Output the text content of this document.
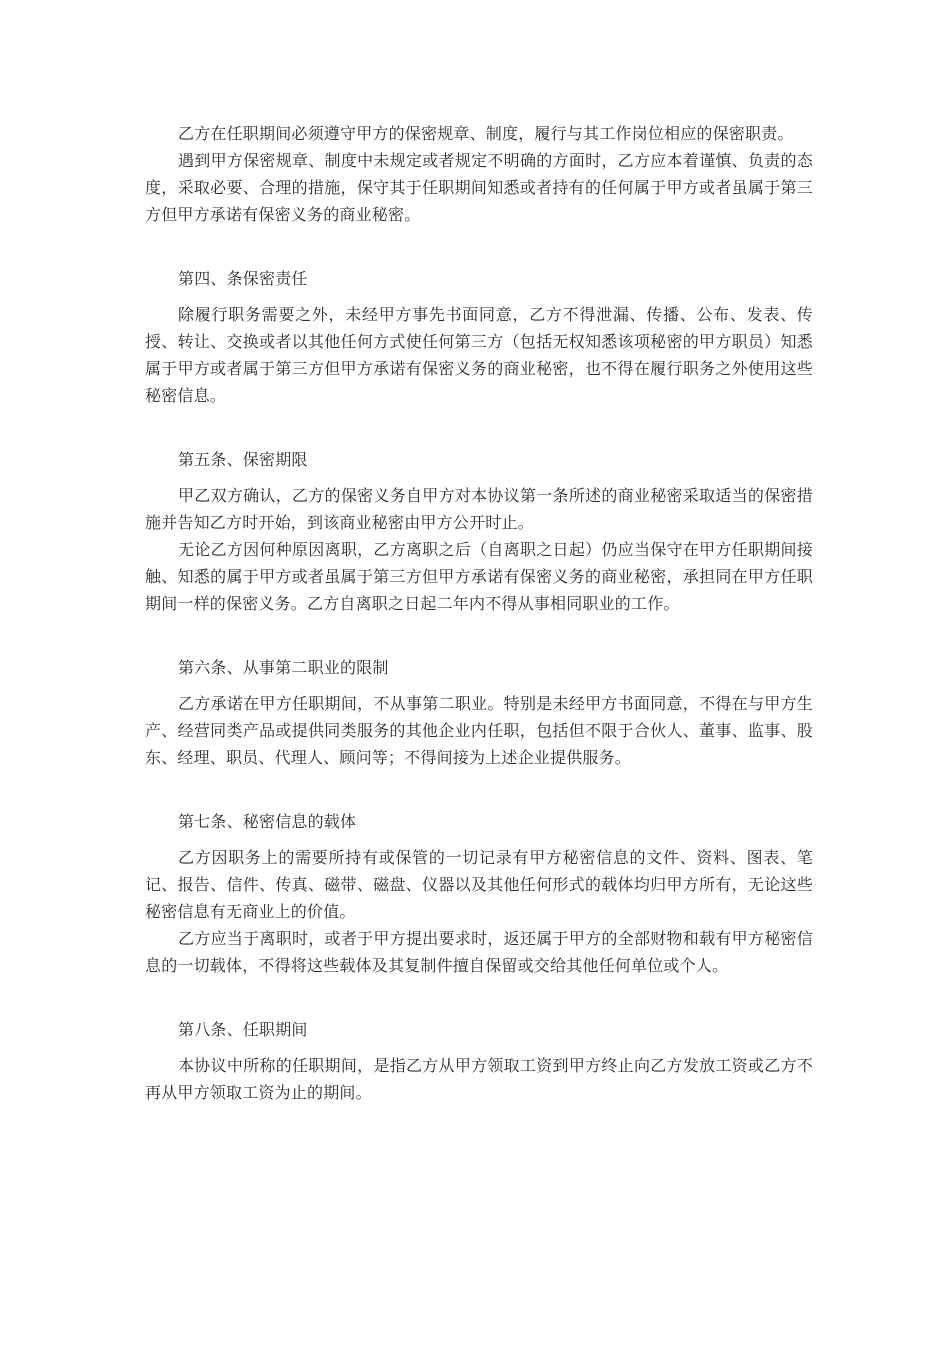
乙方在任职期间必须遵守甲方的保密规章、制度，履行与其工作岗位相应的保密职责。

遇到甲方保密规章、制度中未规定或者规定不明确的方面时，乙方应本着谨慎、负责的态度，采取必要、合理的措施，保守其于任职期间知悉或者持有的任何属于甲方或者虽属于第三方但甲方承诺有保密义务的商业秘密。

第四、条保密责任

除履行职务需要之外，未经甲方事先书面同意，乙方不得泄漏、传播、公布、发表、传授、转让、交换或者以其他任何方式使任何第三方（包括无权知悉该项秘密的甲方职员）知悉属于甲方或者属于第三方但甲方承诺有保密义务的商业秘密，也不得在履行职务之外使用这些秘密信息。

第五条、保密期限

甲乙双方确认，乙方的保密义务自甲方对本协议第一条所述的商业秘密采取适当的保密措施并告知乙方时开始，到该商业秘密由甲方公开时止。

无论乙方因何种原因离职，乙方离职之后（自离职之日起）仍应当保守在甲方任职期间接触、知悉的属于甲方或者虽属于第三方但甲方承诺有保密义务的商业秘密，承担同在甲方任职期间一样的保密义务。乙方自离职之日起二年内不得从事相同职业的工作。

第六条、从事第二职业的限制

乙方承诺在甲方任职期间，不从事第二职业。特别是未经甲方书面同意，不得在与甲方生产、经营同类产品或提供同类服务的其他企业内任职，包括但不限于合伙人、董事、监事、股东、经理、职员、代理人、顾问等；不得间接为上述企业提供服务。

第七条、秘密信息的载体

乙方因职务上的需要所持有或保管的一切记录有甲方秘密信息的文件、资料、图表、笔记、报告、信件、传真、磁带、磁盘、仪器以及其他任何形式的载体均归甲方所有，无论这些秘密信息有无商业上的价值。

乙方应当于离职时，或者于甲方提出要求时，返还属于甲方的全部财物和载有甲方秘密信息的一切载体，不得将这些载体及其复制件擅自保留或交给其他任何单位或个人。

第八条、任职期间

本协议中所称的任职期间，是指乙方从甲方领取工资到甲方终止向乙方发放工资或乙方不再从甲方领取工资为止的期间。
